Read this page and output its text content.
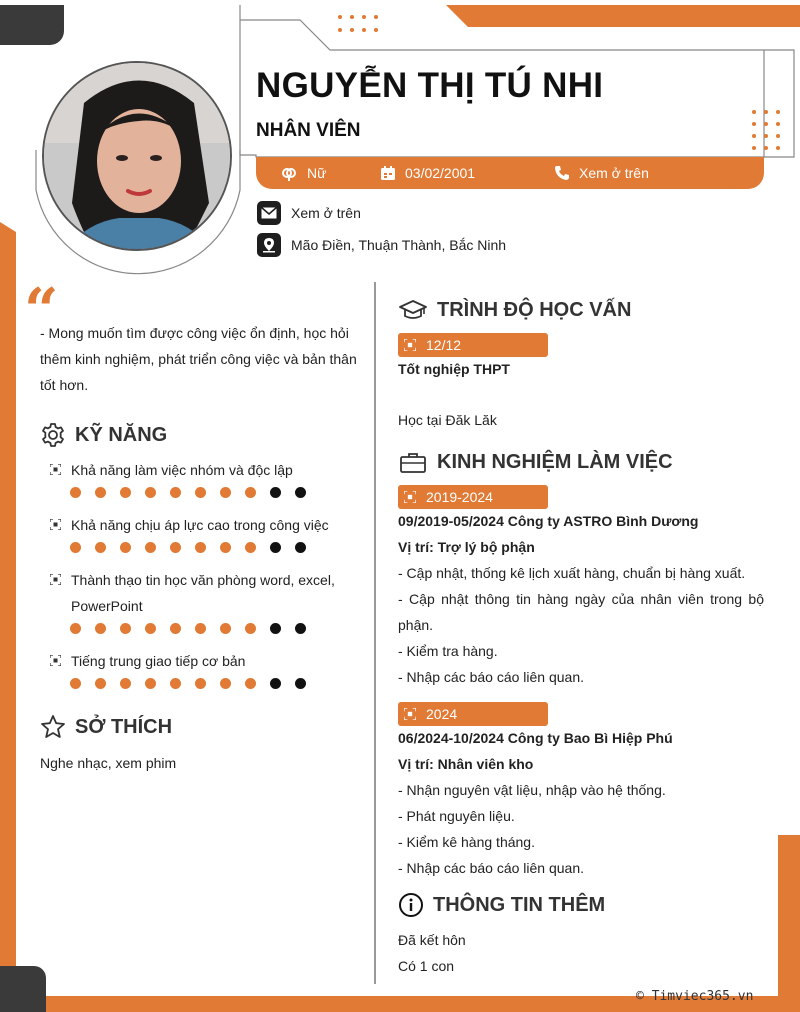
NGUYỄN THỊ TÚ NHI
NHÂN VIÊN
Nữ	03/02/2001	Xem ở trên
Xem ở trên
Mão Điền, Thuận Thành, Bắc Ninh
“
- Mong muốn tìm được công việc ổn định, học hỏi thêm kinh nghiệm, phát triển công việc và bản thân tốt hơn.
KỸ NĂNG
Khả năng làm việc nhóm và độc lập
Khả năng chịu áp lực cao trong công việc
Thành thạo tin học văn phòng word, excel, PowerPoint
Tiếng trung giao tiếp cơ bản
SỞ THÍCH
Nghe nhạc, xem phim
TRÌNH ĐỘ HỌC VẤN
12/12
Tốt nghiệp THPT
Học tại Đăk Lăk
KINH NGHIỆM LÀM VIỆC
2019-2024
09/2019-05/2024 Công ty ASTRO Bình Dương
Vị trí: Trợ lý bộ phận
- Cập nhật, thống kê lịch xuất hàng, chuẩn bị hàng xuất.
- Cập nhật thông tin hàng ngày của nhân viên trong bộ phận.
- Kiểm tra hàng.
- Nhập các báo cáo liên quan.
2024
06/2024-10/2024 Công ty Bao Bì Hiệp Phú
Vị trí: Nhân viên kho
- Nhận nguyên vật liệu, nhập vào hệ thống.
- Phát nguyên liệu.
- Kiểm kê hàng tháng.
- Nhập các báo cáo liên quan.
THÔNG TIN THÊM
Đã kết hôn
Có 1 con
© Timviec365.vn
